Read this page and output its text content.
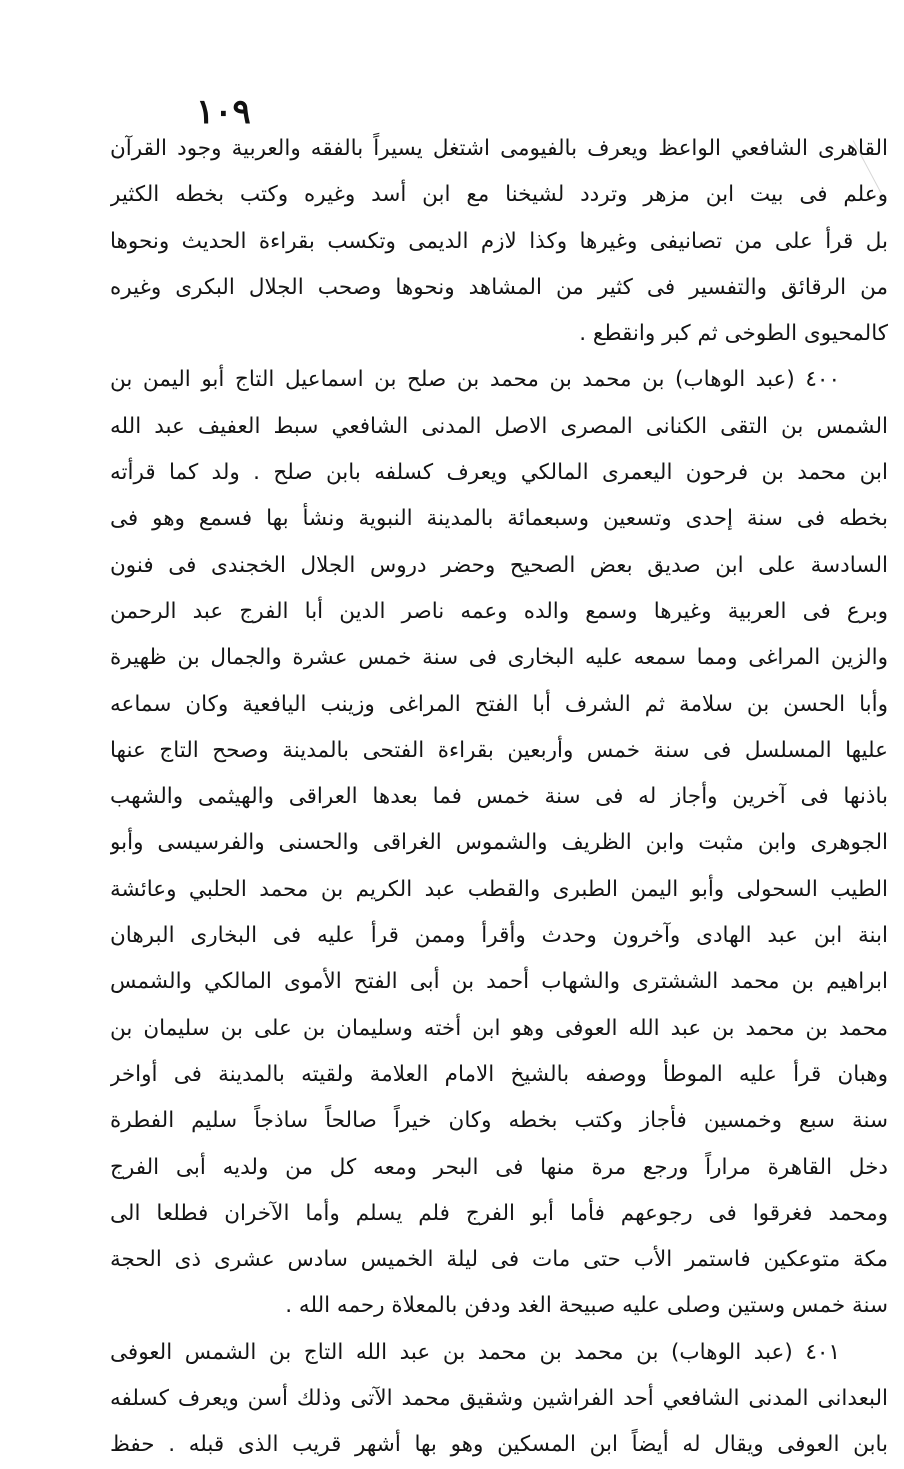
١٠٩
القاهرى الشافعي الواعظ ويعرف بالفيومى اشتغل يسيراً بالفقه والعربية وجود القرآن
وعلم فى بيت ابن مزهر وتردد لشيخنا مع ابن أسد وغيره وكتب بخطه الكثير
بل قرأ على من تصانيفى وغيرها وكذا لازم الديمى وتكسب بقراءة الحديث ونحوها
من الرقائق والتفسير فى كثير من المشاهد ونحوها وصحب الجلال البكرى وغيره
كالمحيوى الطوخى ثم كبر وانقطع .
٤٠٠ (عبد الوهاب) بن محمد بن محمد بن صلح بن اسماعيل التاج أبو اليمن بن
الشمس بن التقى الكنانى المصرى الاصل المدنى الشافعي سبط العفيف عبد الله
ابن محمد بن فرحون اليعمرى المالكي ويعرف كسلفه بابن صلح . ولد كما قرأته
بخطه فى سنة إحدى وتسعين وسبعمائة بالمدينة النبوية ونشأ بها فسمع وهو فى
السادسة على ابن صديق بعض الصحيح وحضر دروس الجلال الخجندى فى فنون
وبرع فى العربية وغيرها وسمع والده وعمه ناصر الدين أبا الفرج عبد الرحمن
والزين المراغى ومما سمعه عليه البخارى فى سنة خمس عشرة والجمال بن ظهيرة
وأبا الحسن بن سلامة ثم الشرف أبا الفتح المراغى وزينب اليافعية وكان سماعه
عليها المسلسل فى سنة خمس وأربعين بقراءة الفتحى بالمدينة وصحح التاج عنها
باذنها فى آخرين وأجاز له فى سنة خمس فما بعدها العراقى والهيثمى والشهب
الجوهرى وابن مثبت وابن الظريف والشموس الغراقى والحسنى والفرسيسى وأبو
الطيب السحولى وأبو اليمن الطبرى والقطب عبد الكريم بن محمد الحلبي وعائشة
ابنة ابن عبد الهادى وآخرون وحدث وأقرأ وممن قرأ عليه فى البخارى البرهان
ابراهيم بن محمد الششترى والشهاب أحمد بن أبى الفتح الأموى المالكي والشمس
محمد بن محمد بن عبد الله العوفى وهو ابن أخته وسليمان بن على بن سليمان بن
وهبان قرأ عليه الموطأ ووصفه بالشيخ الامام العلامة ولقيته بالمدينة فى أواخر
سنة سبع وخمسين فأجاز وكتب بخطه وكان خيراً صالحاً ساذجاً سليم الفطرة
دخل القاهرة مراراً ورجع مرة منها فى البحر ومعه كل من ولديه أبى الفرج
ومحمد فغرقوا فى رجوعهم فأما أبو الفرج فلم يسلم وأما الآخران فطلعا الى
مكة متوعكين فاستمر الأب حتى مات فى ليلة الخميس سادس عشرى ذى الحجة
سنة خمس وستين وصلى عليه صبيحة الغد ودفن بالمعلاة رحمه الله .
٤٠١ (عبد الوهاب) بن محمد بن محمد بن عبد الله التاج بن الشمس العوفى
البعدانى المدنى الشافعي أحد الفراشين وشقيق محمد الآتى وذلك أسن ويعرف كسلفه
بابن العوفى ويقال له أيضاً ابن المسكين وهو بها أشهر قريب الذى قبله . حفظ
